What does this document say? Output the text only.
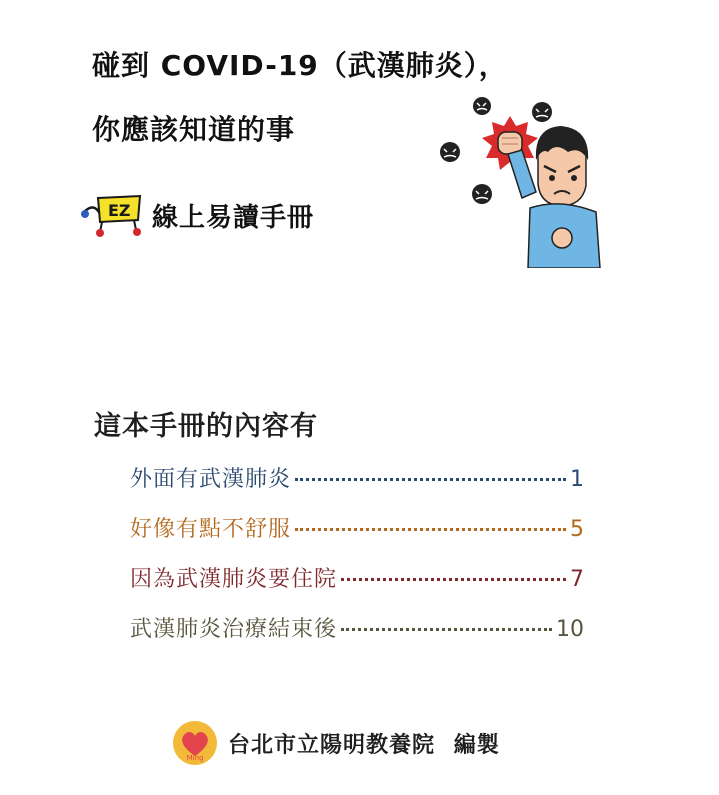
碰到 COVID-19（武漢肺炎），
你應該知道的事
EZ 線上易讀手冊
這本手冊的內容有
外面有武漢肺炎	1
好像有點不舒服	5
因為武漢肺炎要住院	7
武漢肺炎治療結束後	10
Yang
Ming
台北市立陽明教養院 編製
